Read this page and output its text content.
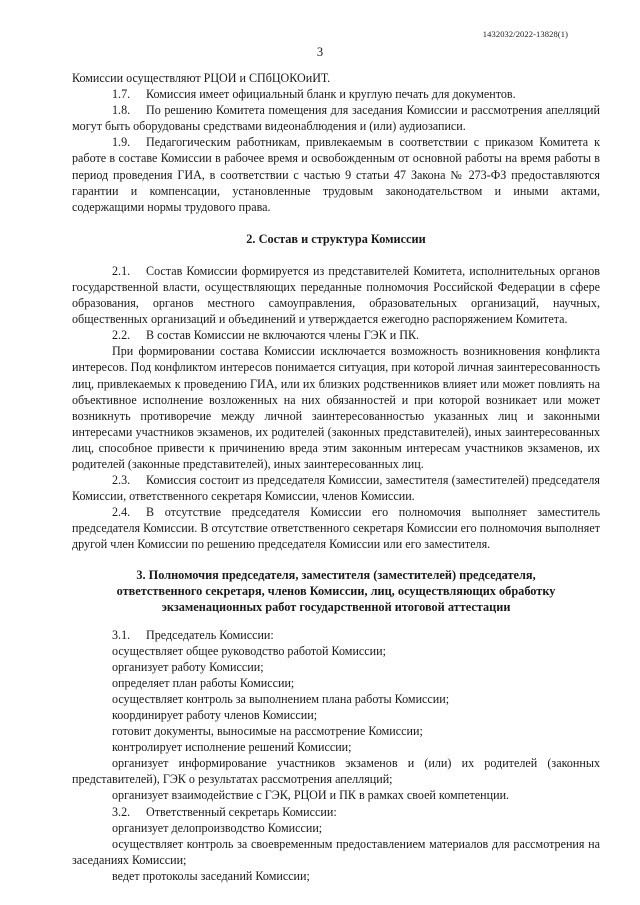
1432032/2022-13828(1)
3

Комиссии осуществляют РЦОИ и СПбЦОКОиИТ.

1.7. Комиссия имеет официальный бланк и круглую печать для документов.

1.8. По решению Комитета помещения для заседания Комиссии и рассмотрения апелляций могут быть оборудованы средствами видеонаблюдения и (или) аудиозаписи.

1.9. Педагогическим работникам, привлекаемым в соответствии с приказом Комитета к работе в составе Комиссии в рабочее время и освобожденным от основной работы на время работы в период проведения ГИА, в соответствии с частью 9 статьи 47 Закона № 273-ФЗ предоставляются гарантии и компенсации, установленные трудовым законодательством и иными актами, содержащими нормы трудового права.

2. Состав и структура Комиссии

2.1. Состав Комиссии формируется из представителей Комитета, исполнительных органов государственной власти, осуществляющих переданные полномочия Российской Федерации в сфере образования, органов местного самоуправления, образовательных организаций, научных, общественных организаций и объединений и утверждается ежегодно распоряжением Комитета.

2.2. В состав Комиссии не включаются члены ГЭК и ПК.

При формировании состава Комиссии исключается возможность возникновения конфликта интересов. Под конфликтом интересов понимается ситуация, при которой личная заинтересованность лиц, привлекаемых к проведению ГИА, или их близких родственников влияет или может повлиять на объективное исполнение возложенных на них обязанностей и при которой возникает или может возникнуть противоречие между личной заинтересованностью указанных лиц и законными интересами участников экзаменов, их родителей (законных представителей), иных заинтересованных лиц, способное привести к причинению вреда этим законным интересам участников экзаменов, их родителей (законные представителей), иных заинтересованных лиц.

2.3. Комиссия состоит из председателя Комиссии, заместителя (заместителей) председателя Комиссии, ответственного секретаря Комиссии, членов Комиссии.

2.4. В отсутствие председателя Комиссии его полномочия выполняет заместитель председателя Комиссии. В отсутствие ответственного секретаря Комиссии его полномочия выполняет другой член Комиссии по решению председателя Комиссии или его заместителя.

3. Полномочия председателя, заместителя (заместителей) председателя,
ответственного секретаря, членов Комиссии, лиц, осуществляющих обработку
экзаменационных работ государственной итоговой аттестации

3.1. Председатель Комиссии:

осуществляет общее руководство работой Комиссии;

организует работу Комиссии;

определяет план работы Комиссии;

осуществляет контроль за выполнением плана работы Комиссии;

координирует работу членов Комиссии;

готовит документы, выносимые на рассмотрение Комиссии;

контролирует исполнение решений Комиссии;

организует информирование участников экзаменов и (или) их родителей (законных представителей), ГЭК о результатах рассмотрения апелляций;

организует взаимодействие с ГЭК, РЦОИ и ПК в рамках своей компетенции.

3.2. Ответственный секретарь Комиссии:

организует делопроизводство Комиссии;

осуществляет контроль за своевременным предоставлением материалов для рассмотрения на заседаниях Комиссии;

ведет протоколы заседаний Комиссии;
